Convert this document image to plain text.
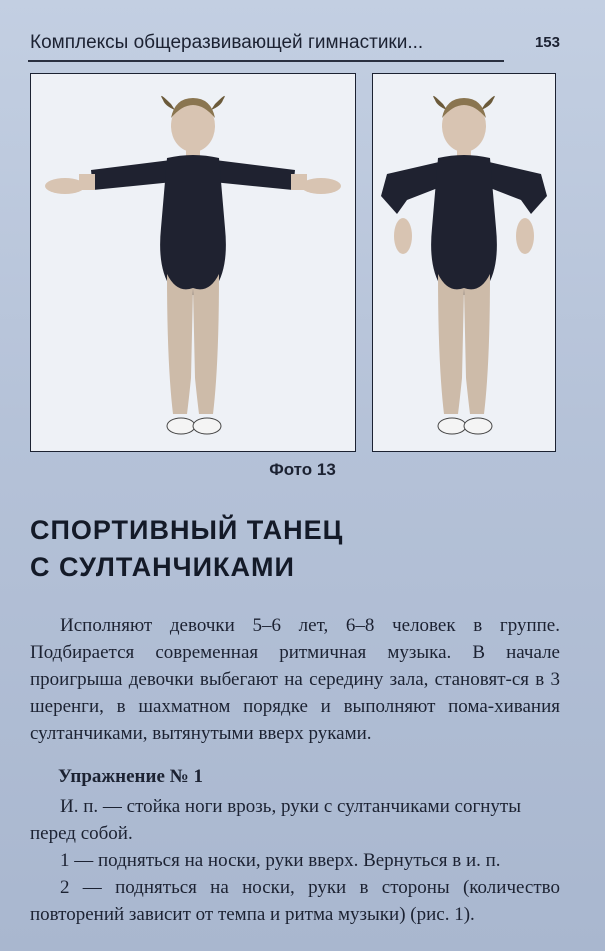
Комплексы общеразвивающей гимнастики...	153
Фото 13
СПОРТИВНЫЙ ТАНЕЦ
С СУЛТАНЧИКАМИ
Исполняют девочки 5–6 лет, 6–8 человек в группе. Подбирается современная ритмичная музыка. В начале проигрыша девочки выбегают на середину зала, становят-ся в 3 шеренги, в шахматном порядке и выполняют пома-хивания султанчиками, вытянутыми вверх руками.
Упражнение № 1
И. п. — стойка ноги врозь, руки с султанчиками согнуты перед собой.
1 — подняться на носки, руки вверх. Вернуться в и. п.
2 — подняться на носки, руки в стороны (количество повторений зависит от темпа и ритма музыки) (рис. 1).
